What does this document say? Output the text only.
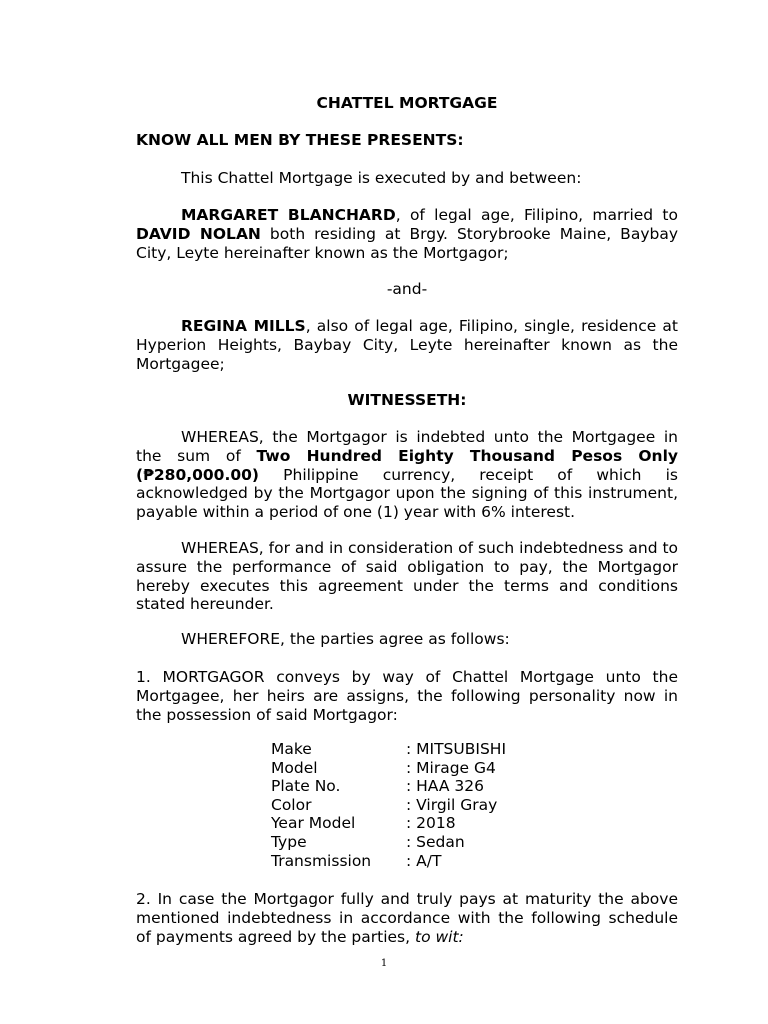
CHATTEL MORTGAGE

KNOW ALL MEN BY THESE PRESENTS:

This Chattel Mortgage is executed by and between:

MARGARET BLANCHARD, of legal age, Filipino, married to DAVID NOLAN both residing at Brgy. Storybrooke Maine, Baybay City, Leyte hereinafter known as the Mortgagor;

-and-

REGINA MILLS, also of legal age, Filipino, single, residence at Hyperion Heights, Baybay City, Leyte hereinafter known as the Mortgagee;

WITNESSETH:

WHEREAS, the Mortgagor is indebted unto the Mortgagee in the sum of Two Hundred Eighty Thousand Pesos Only (₱280,000.00) Philippine currency, receipt of which is acknowledged by the Mortgagor upon the signing of this instrument, payable within a period of one (1) year with 6% interest.

WHEREAS, for and in consideration of such indebtedness and to assure the performance of said obligation to pay, the Mortgagor hereby executes this agreement under the terms and conditions stated hereunder.

WHEREFORE, the parties agree as follows:

1. MORTGAGOR conveys by way of Chattel Mortgage unto the Mortgagee, her heirs are assigns, the following personality now in the possession of said Mortgagor:

Make	: MITSUBISHI
Model	: Mirage G4
Plate No.	: HAA 326
Color	: Virgil Gray
Year Model	: 2018
Type	: Sedan
Transmission	: A/T

2. In case the Mortgagor fully and truly pays at maturity the above mentioned indebtedness in accordance with the following schedule of payments agreed by the parties, to wit:

1
